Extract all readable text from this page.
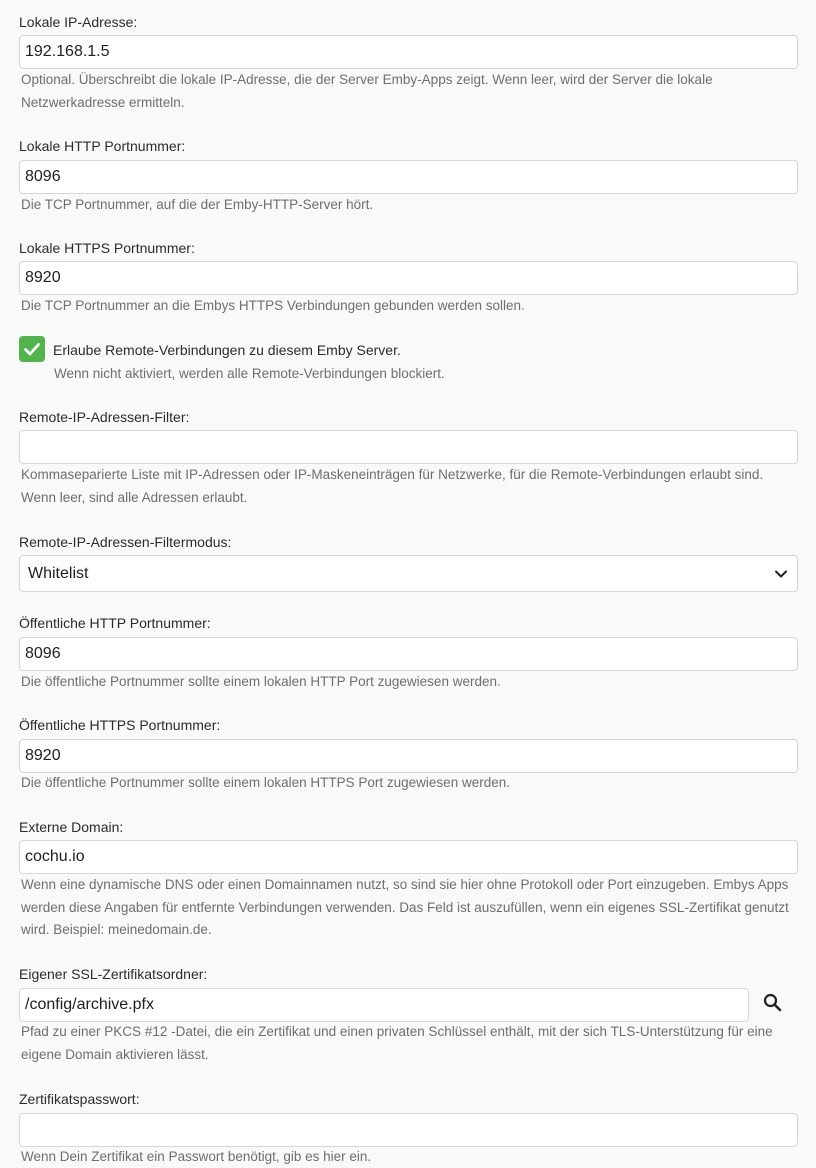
Lokale IP-Adresse:
192.168.1.5
Optional. Überschreibt die lokale IP-Adresse, die der Server Emby-Apps zeigt. Wenn leer, wird der Server die lokale Netzwerkadresse ermitteln.
Lokale HTTP Portnummer:
8096
Die TCP Portnummer, auf die der Emby-HTTP-Server hört.
Lokale HTTPS Portnummer:
8920
Die TCP Portnummer an die Embys HTTPS Verbindungen gebunden werden sollen.
Erlaube Remote-Verbindungen zu diesem Emby Server.
Wenn nicht aktiviert, werden alle Remote-Verbindungen blockiert.
Remote-IP-Adressen-Filter:
Kommaseparierte Liste mit IP-Adressen oder IP-Maskeneinträgen für Netzwerke, für die Remote-Verbindungen erlaubt sind. Wenn leer, sind alle Adressen erlaubt.
Remote-IP-Adressen-Filtermodus:
Whitelist
Öffentliche HTTP Portnummer:
8096
Die öffentliche Portnummer sollte einem lokalen HTTP Port zugewiesen werden.
Öffentliche HTTPS Portnummer:
8920
Die öffentliche Portnummer sollte einem lokalen HTTPS Port zugewiesen werden.
Externe Domain:
cochu.io
Wenn eine dynamische DNS oder einen Domainnamen nutzt, so sind sie hier ohne Protokoll oder Port einzugeben. Embys Apps werden diese Angaben für entfernte Verbindungen verwenden. Das Feld ist auszufüllen, wenn ein eigenes SSL-Zertifikat genutzt wird. Beispiel: meinedomain.de.
Eigener SSL-Zertifikatsordner:
/config/archive.pfx
Pfad zu einer PKCS #12 -Datei, die ein Zertifikat und einen privaten Schlüssel enthält, mit der sich TLS-Unterstützung für eine eigene Domain aktivieren lässt.
Zertifikatspasswort:
Wenn Dein Zertifikat ein Passwort benötigt, gib es hier ein.
